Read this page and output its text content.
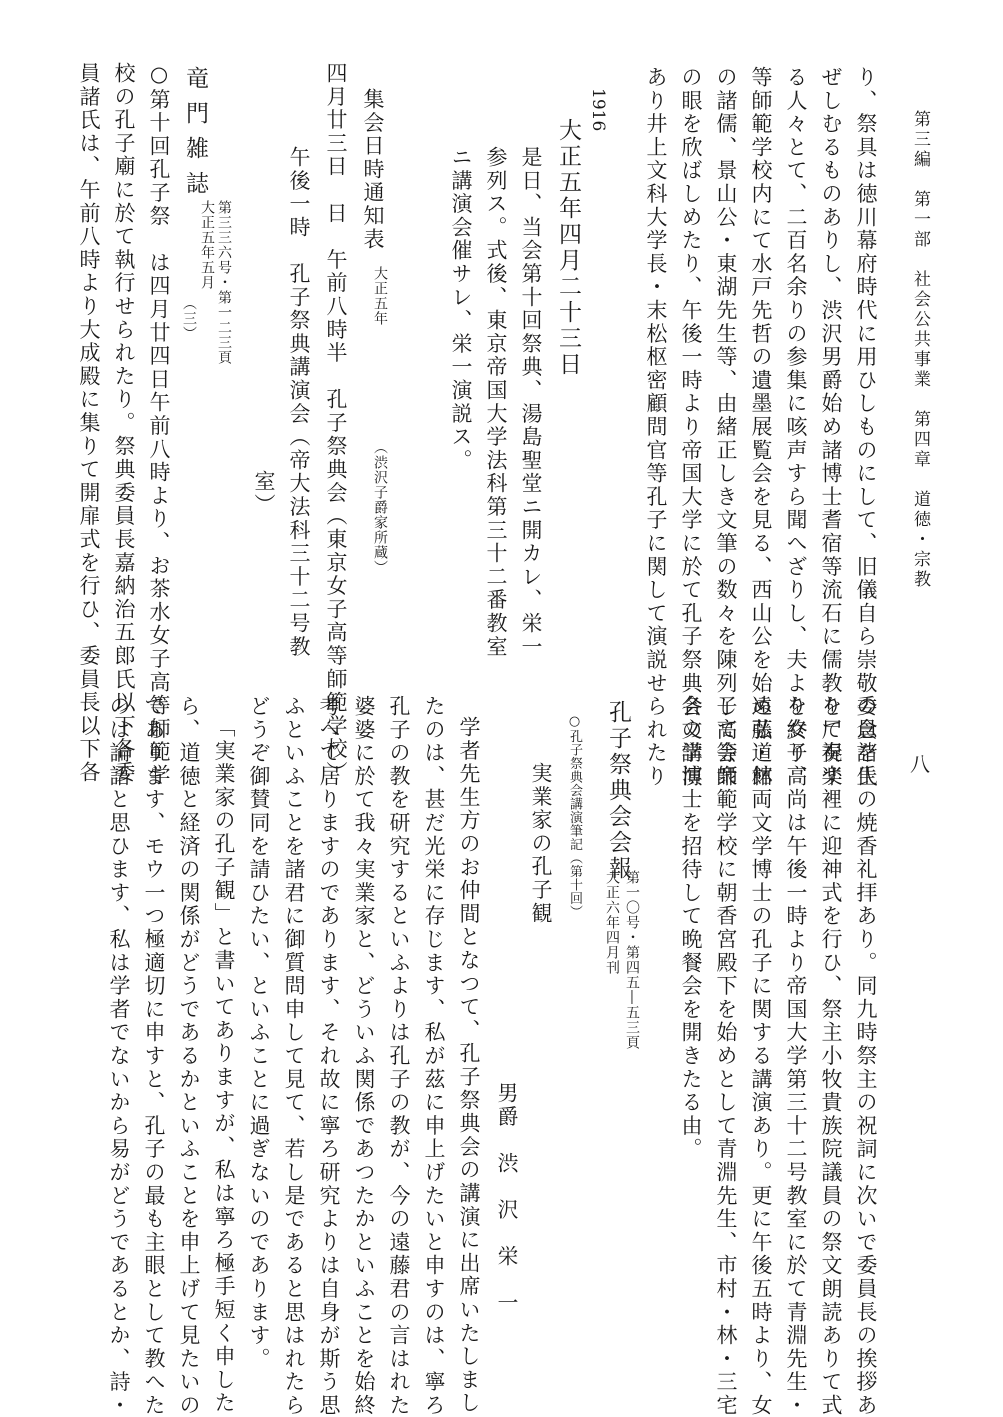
第三編　第一部　社会公共事業　第四章　道徳・宗教
八
り、祭具は徳川幕府時代に用ひしものにして、旧儀自ら崇敬の念を生
ぜしむるものありし、渋沢男爵始め諸博士耆宿等流石に儒教を尸祝す
る人々とて、二百名余りの参集に咳声すら聞へざりし、夫より女子高
等師範学校内にて水戸先哲の遺墨展覧会を見る、西山公を始め弘道館
の諸儒、景山公・東湖先生等、由緒正しき文筆の数々を陳列して会衆
の眼を欣ばしめたり、午後一時より帝国大学に於て孔子祭典会の講演
あり井上文科大学長・末松枢密顧問官等孔子に関して演説せられたり
1916
大正五年四月二十三日
是日、当会第十回祭典、湯島聖堂ニ開カレ、栄一
参列ス。式後、東京帝国大学法科第三十二番教室
ニ講演会催サレ、栄一演説ス。
集会日時通知表
大正五年
（渋沢子爵家所蔵）
四月廿三日　日　午前八時半　孔子祭典会（東京女子高等師範学校）
午後一時　孔子祭典講演会（帝大法科三十二号教
室）
竜門雑誌
第三三六号・第一二三頁
大正五年五月
（三）
○第十回孔子祭　は四月廿四日午前八時より、お茶水女子高等師範学
校の孔子廟に於て執行せられたり。祭典委員長嘉納治五郎氏以下各委
員諸氏は、午前八時より大成殿に集りて開扉式を行ひ、委員長以下各
委員諸氏の焼香礼拝あり。同九時祭主の祝詞に次いで委員長の挨拶あ
りて奏楽裡に迎神式を行ひ、祭主小牧貴族院議員の祭文朗読ありて式
を終り、尚は午後一時より帝国大学第三十二号教室に於て青淵先生・
遠藤・林両文学博士の孔子に関する講演あり。更に午後五時より、女
子高等師範学校に朝香宮殿下を始めとして青淵先生、市村・林・三宅
各文学博士を招待して晩餐会を開きたる由。
孔子祭典会会報
第一〇号・第四五―五三頁
大正六年四月刊
○孔子祭典会講演筆記（第十回）
実業家の孔子観
男爵　渋　沢　栄　一
学者先生方のお仲間となつて、孔子祭典会の講演に出席いたしまし
たのは、甚だ光栄に存じます、私が茲に申上げたいと申すのは、寧ろ
孔子の教を研究するといふよりは孔子の教が、今の遠藤君の言はれた
婆婆に於て我々実業家と、どういふ関係であつたかといふことを始終
考へて居りますのであります、それ故に寧ろ研究よりは自身が斯う思
ふといふことを諸君に御質問申して見て、若し是であると思はれたら
どうぞ御賛同を請ひたい、といふことに過ぎないのであります。
「実業家の孔子観」と書いてありますが、私は寧ろ極手短く申した
ら、道徳と経済の関係がどうであるかといふことを申上げて見たいの
であります、モウ一つ極適切に申すと、孔子の最も主眼として教へた
のは論語と思ひます、私は学者でないから易がどうであるとか、詩・
